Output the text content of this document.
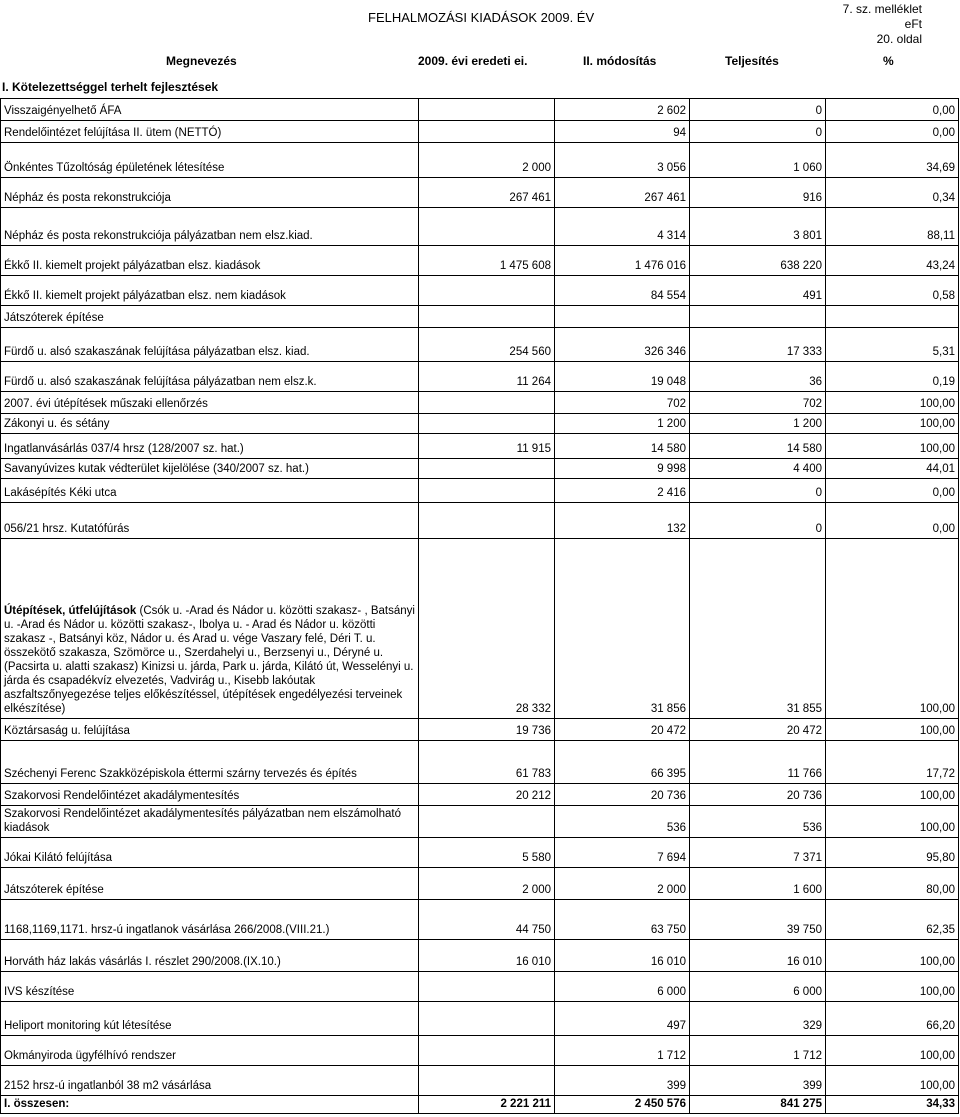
FELHALMOZÁSI KIADÁSOK 2009. ÉV
7. sz. melléklet
eFt
20. oldal
Megnevezés	2009. évi eredeti ei.	II. módosítás	Teljesítés	%
I. Kötelezettséggel terhelt fejlesztések
Visszaigényelhető ÁFA		2 602	0	0,00
Rendelőintézet felújítása II. ütem (NETTÓ)		94	0	0,00
Önkéntes Tűzoltóság épületének létesítése	2 000	3 056	1 060	34,69
Népház és posta rekonstrukciója	267 461	267 461	916	0,34
Népház és posta rekonstrukciója pályázatban nem elsz.kiad.		4 314	3 801	88,11
Ékkő II. kiemelt projekt pályázatban elsz. kiadások	1 475 608	1 476 016	638 220	43,24
Ékkő II. kiemelt projekt pályázatban elsz. nem kiadások		84 554	491	0,58
Játszóterek építése				
Fürdő u. alsó szakaszának felújítása pályázatban elsz. kiad.	254 560	326 346	17 333	5,31
Fürdő u. alsó szakaszának felújítása pályázatban nem elsz.k.	11 264	19 048	36	0,19
2007. évi útépítések műszaki ellenőrzés		702	702	100,00
Zákonyi u. és sétány		1 200	1 200	100,00
Ingatlanvásárlás 037/4 hrsz (128/2007 sz. hat.)	11 915	14 580	14 580	100,00
Savanyúvizes kutak védterület kijelölése (340/2007 sz. hat.)		9 998	4 400	44,01
Lakásépítés Kéki utca		2 416	0	0,00
056/21 hrsz. Kutatófúrás		132	0	0,00
Útépítések, útfelújítások (Csók u. -Arad és Nádor u. közötti szakasz- , Batsányi u. -Arad és Nádor u. közötti szakasz-, Ibolya u. - Arad és Nádor u. közötti szakasz -, Batsányi köz, Nádor u. és Arad u. vége Vaszary felé, Déri T. u. összekötő szakasza, Szömörce u., Szerdahelyi u., Berzsenyi u., Déryné u. (Pacsirta u. alatti szakasz) Kinizsi u. járda, Park u. járda, Kilátó út, Wesselényi u. járda és csapadékvíz elvezetés, Vadvirág u., Kisebb lakóutak aszfaltszőnyegezése teljes előkészítéssel, útépítések engedélyezési terveinek elkészítése)	28 332	31 856	31 855	100,00
Köztársaság u. felújítása	19 736	20 472	20 472	100,00
Széchenyi Ferenc Szakközépiskola éttermi szárny tervezés és építés	61 783	66 395	11 766	17,72
Szakorvosi Rendelőintézet akadálymentesítés	20 212	20 736	20 736	100,00
Szakorvosi Rendelőintézet akadálymentesítés pályázatban nem elszámolható kiadások		536	536	100,00
Jókai Kilátó felújítása	5 580	7 694	7 371	95,80
Játszóterek építése	2 000	2 000	1 600	80,00
1168,1169,1171. hrsz-ú ingatlanok vásárlása 266/2008.(VIII.21.)	44 750	63 750	39 750	62,35
Horváth ház lakás vásárlás I. részlet 290/2008.(IX.10.)	16 010	16 010	16 010	100,00
IVS készítése		6 000	6 000	100,00
Heliport monitoring kút létesítése		497	329	66,20
Okmányiroda ügyfélhívó rendszer		1 712	1 712	100,00
2152 hrsz-ú ingatlanból 38 m2 vásárlása		399	399	100,00
I. összesen:	2 221 211	2 450 576	841 275	34,33
